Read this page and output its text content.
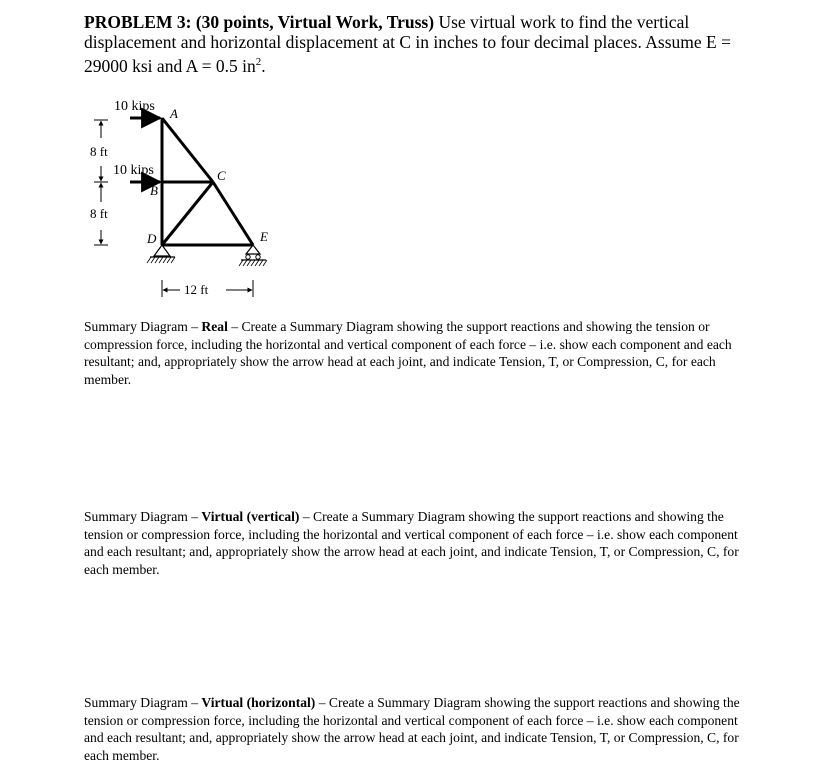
PROBLEM 3: (30 points, Virtual Work, Truss) Use virtual work to find the vertical displacement and horizontal displacement at C in inches to four decimal places. Assume E = 29000 ksi and A = 0.5 $in^2$.
10 kips
10 kips
8 ft
8 ft
12 ft
A
B
C
D	E
Summary Diagram – Real – Create a Summary Diagram showing the support reactions and showing the tension or compression force, including the horizontal and vertical component of each force – i.e. show each component and each resultant; and, appropriately show the arrow head at each joint, and indicate Tension, T, or Compression, C, for each member.
Summary Diagram – Virtual (vertical) – Create a Summary Diagram showing the support reactions and showing the tension or compression force, including the horizontal and vertical component of each force – i.e. show each component and each resultant; and, appropriately show the arrow head at each joint, and indicate Tension, T, or Compression, C, for each member.
Summary Diagram – Virtual (horizontal) – Create a Summary Diagram showing the support reactions and showing the tension or compression force, including the horizontal and vertical component of each force – i.e. show each component and each resultant; and, appropriately show the arrow head at each joint, and indicate Tension, T, or Compression, C, for each member.
